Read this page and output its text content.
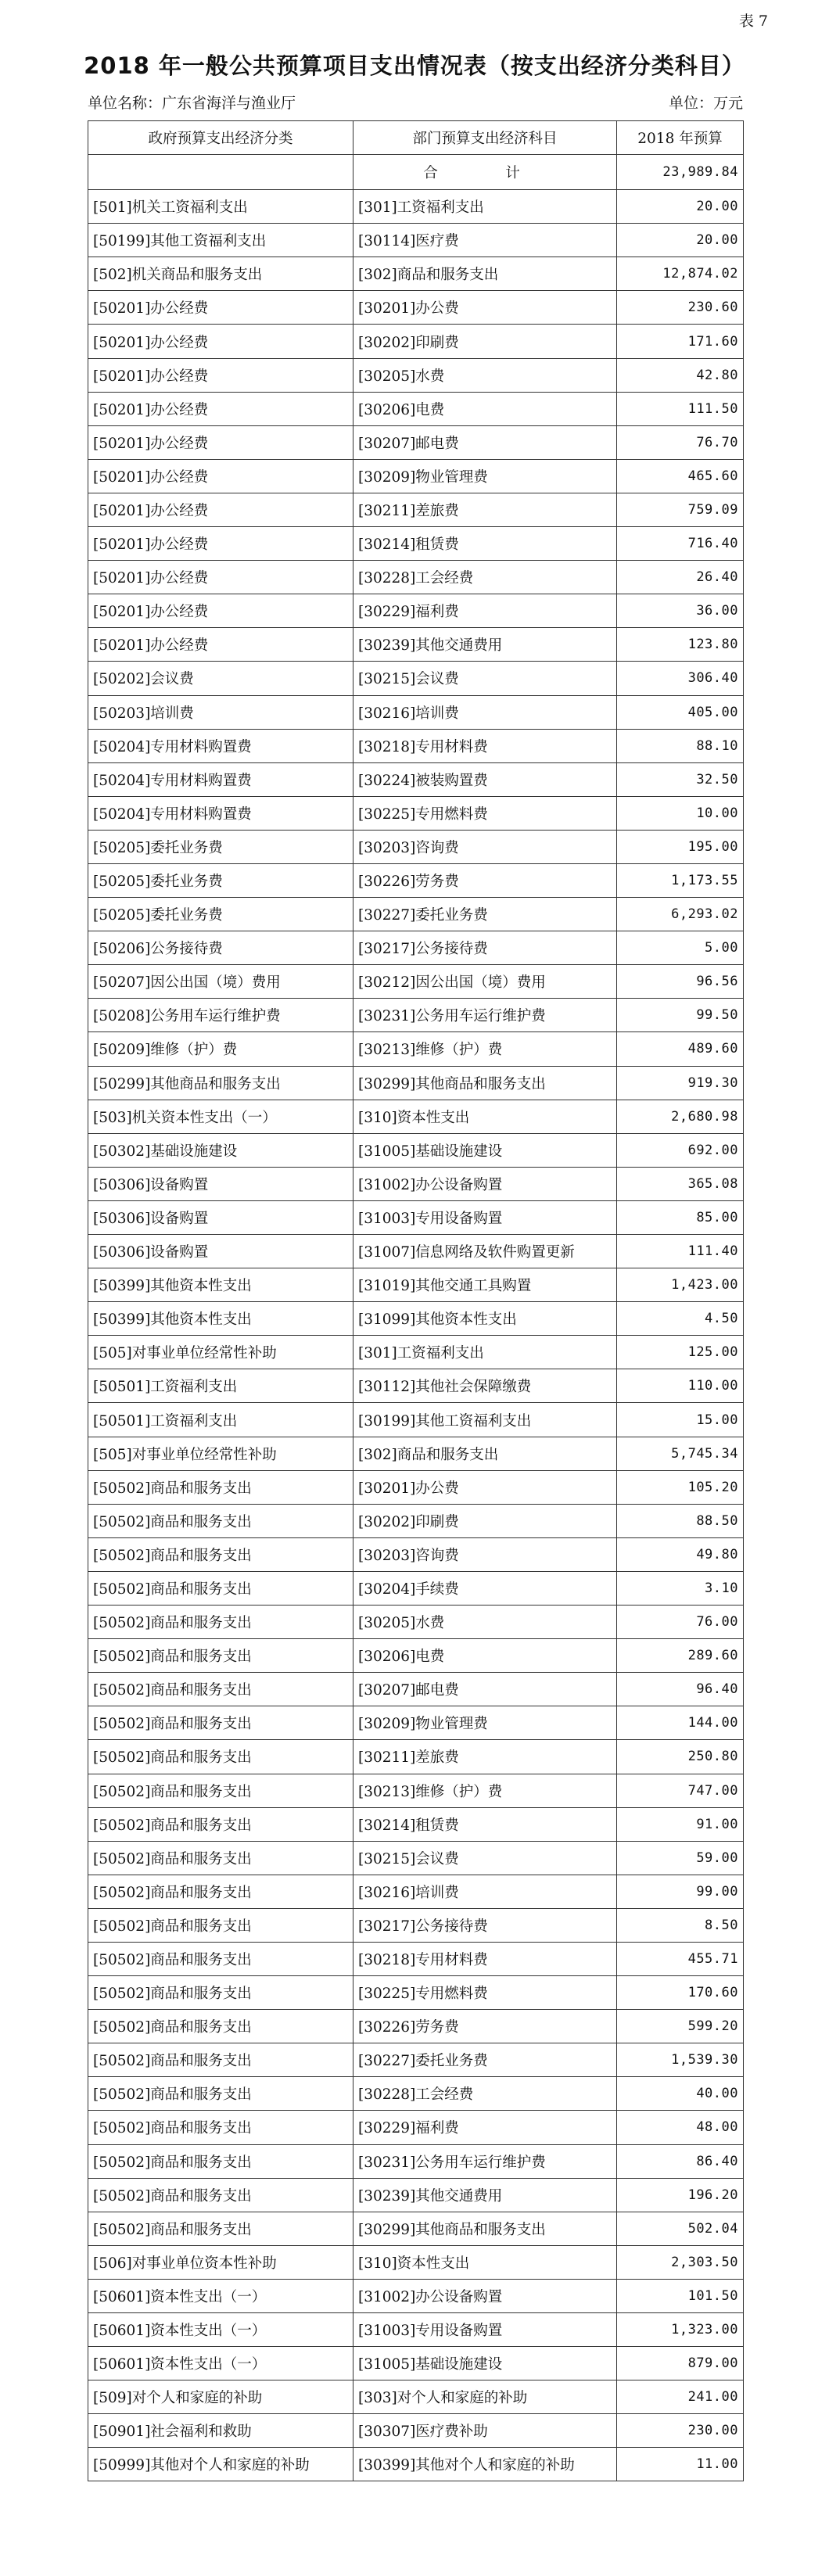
表 7
2018 年一般公共预算项目支出情况表（按支出经济分类科目）
单位名称：广东省海洋与渔业厅	单位：万元
政府预算支出经济分类	部门预算支出经济科目	2018 年预算
	合　计	23,989.84
[501]机关工资福利支出	[301]工资福利支出	20.00
[50199]其他工资福利支出	[30114]医疗费	20.00
[502]机关商品和服务支出	[302]商品和服务支出	12,874.02
[50201]办公经费	[30201]办公费	230.60
[50201]办公经费	[30202]印刷费	171.60
[50201]办公经费	[30205]水费	42.80
[50201]办公经费	[30206]电费	111.50
[50201]办公经费	[30207]邮电费	76.70
[50201]办公经费	[30209]物业管理费	465.60
[50201]办公经费	[30211]差旅费	759.09
[50201]办公经费	[30214]租赁费	716.40
[50201]办公经费	[30228]工会经费	26.40
[50201]办公经费	[30229]福利费	36.00
[50201]办公经费	[30239]其他交通费用	123.80
[50202]会议费	[30215]会议费	306.40
[50203]培训费	[30216]培训费	405.00
[50204]专用材料购置费	[30218]专用材料费	88.10
[50204]专用材料购置费	[30224]被装购置费	32.50
[50204]专用材料购置费	[30225]专用燃料费	10.00
[50205]委托业务费	[30203]咨询费	195.00
[50205]委托业务费	[30226]劳务费	1,173.55
[50205]委托业务费	[30227]委托业务费	6,293.02
[50206]公务接待费	[30217]公务接待费	5.00
[50207]因公出国（境）费用	[30212]因公出国（境）费用	96.56
[50208]公务用车运行维护费	[30231]公务用车运行维护费	99.50
[50209]维修（护）费	[30213]维修（护）费	489.60
[50299]其他商品和服务支出	[30299]其他商品和服务支出	919.30
[503]机关资本性支出（一）	[310]资本性支出	2,680.98
[50302]基础设施建设	[31005]基础设施建设	692.00
[50306]设备购置	[31002]办公设备购置	365.08
[50306]设备购置	[31003]专用设备购置	85.00
[50306]设备购置	[31007]信息网络及软件购置更新	111.40
[50399]其他资本性支出	[31019]其他交通工具购置	1,423.00
[50399]其他资本性支出	[31099]其他资本性支出	4.50
[505]对事业单位经常性补助	[301]工资福利支出	125.00
[50501]工资福利支出	[30112]其他社会保障缴费	110.00
[50501]工资福利支出	[30199]其他工资福利支出	15.00
[505]对事业单位经常性补助	[302]商品和服务支出	5,745.34
[50502]商品和服务支出	[30201]办公费	105.20
[50502]商品和服务支出	[30202]印刷费	88.50
[50502]商品和服务支出	[30203]咨询费	49.80
[50502]商品和服务支出	[30204]手续费	3.10
[50502]商品和服务支出	[30205]水费	76.00
[50502]商品和服务支出	[30206]电费	289.60
[50502]商品和服务支出	[30207]邮电费	96.40
[50502]商品和服务支出	[30209]物业管理费	144.00
[50502]商品和服务支出	[30211]差旅费	250.80
[50502]商品和服务支出	[30213]维修（护）费	747.00
[50502]商品和服务支出	[30214]租赁费	91.00
[50502]商品和服务支出	[30215]会议费	59.00
[50502]商品和服务支出	[30216]培训费	99.00
[50502]商品和服务支出	[30217]公务接待费	8.50
[50502]商品和服务支出	[30218]专用材料费	455.71
[50502]商品和服务支出	[30225]专用燃料费	170.60
[50502]商品和服务支出	[30226]劳务费	599.20
[50502]商品和服务支出	[30227]委托业务费	1,539.30
[50502]商品和服务支出	[30228]工会经费	40.00
[50502]商品和服务支出	[30229]福利费	48.00
[50502]商品和服务支出	[30231]公务用车运行维护费	86.40
[50502]商品和服务支出	[30239]其他交通费用	196.20
[50502]商品和服务支出	[30299]其他商品和服务支出	502.04
[506]对事业单位资本性补助	[310]资本性支出	2,303.50
[50601]资本性支出（一）	[31002]办公设备购置	101.50
[50601]资本性支出（一）	[31003]专用设备购置	1,323.00
[50601]资本性支出（一）	[31005]基础设施建设	879.00
[509]对个人和家庭的补助	[303]对个人和家庭的补助	241.00
[50901]社会福利和救助	[30307]医疗费补助	230.00
[50999]其他对个人和家庭的补助	[30399]其他对个人和家庭的补助	11.00
